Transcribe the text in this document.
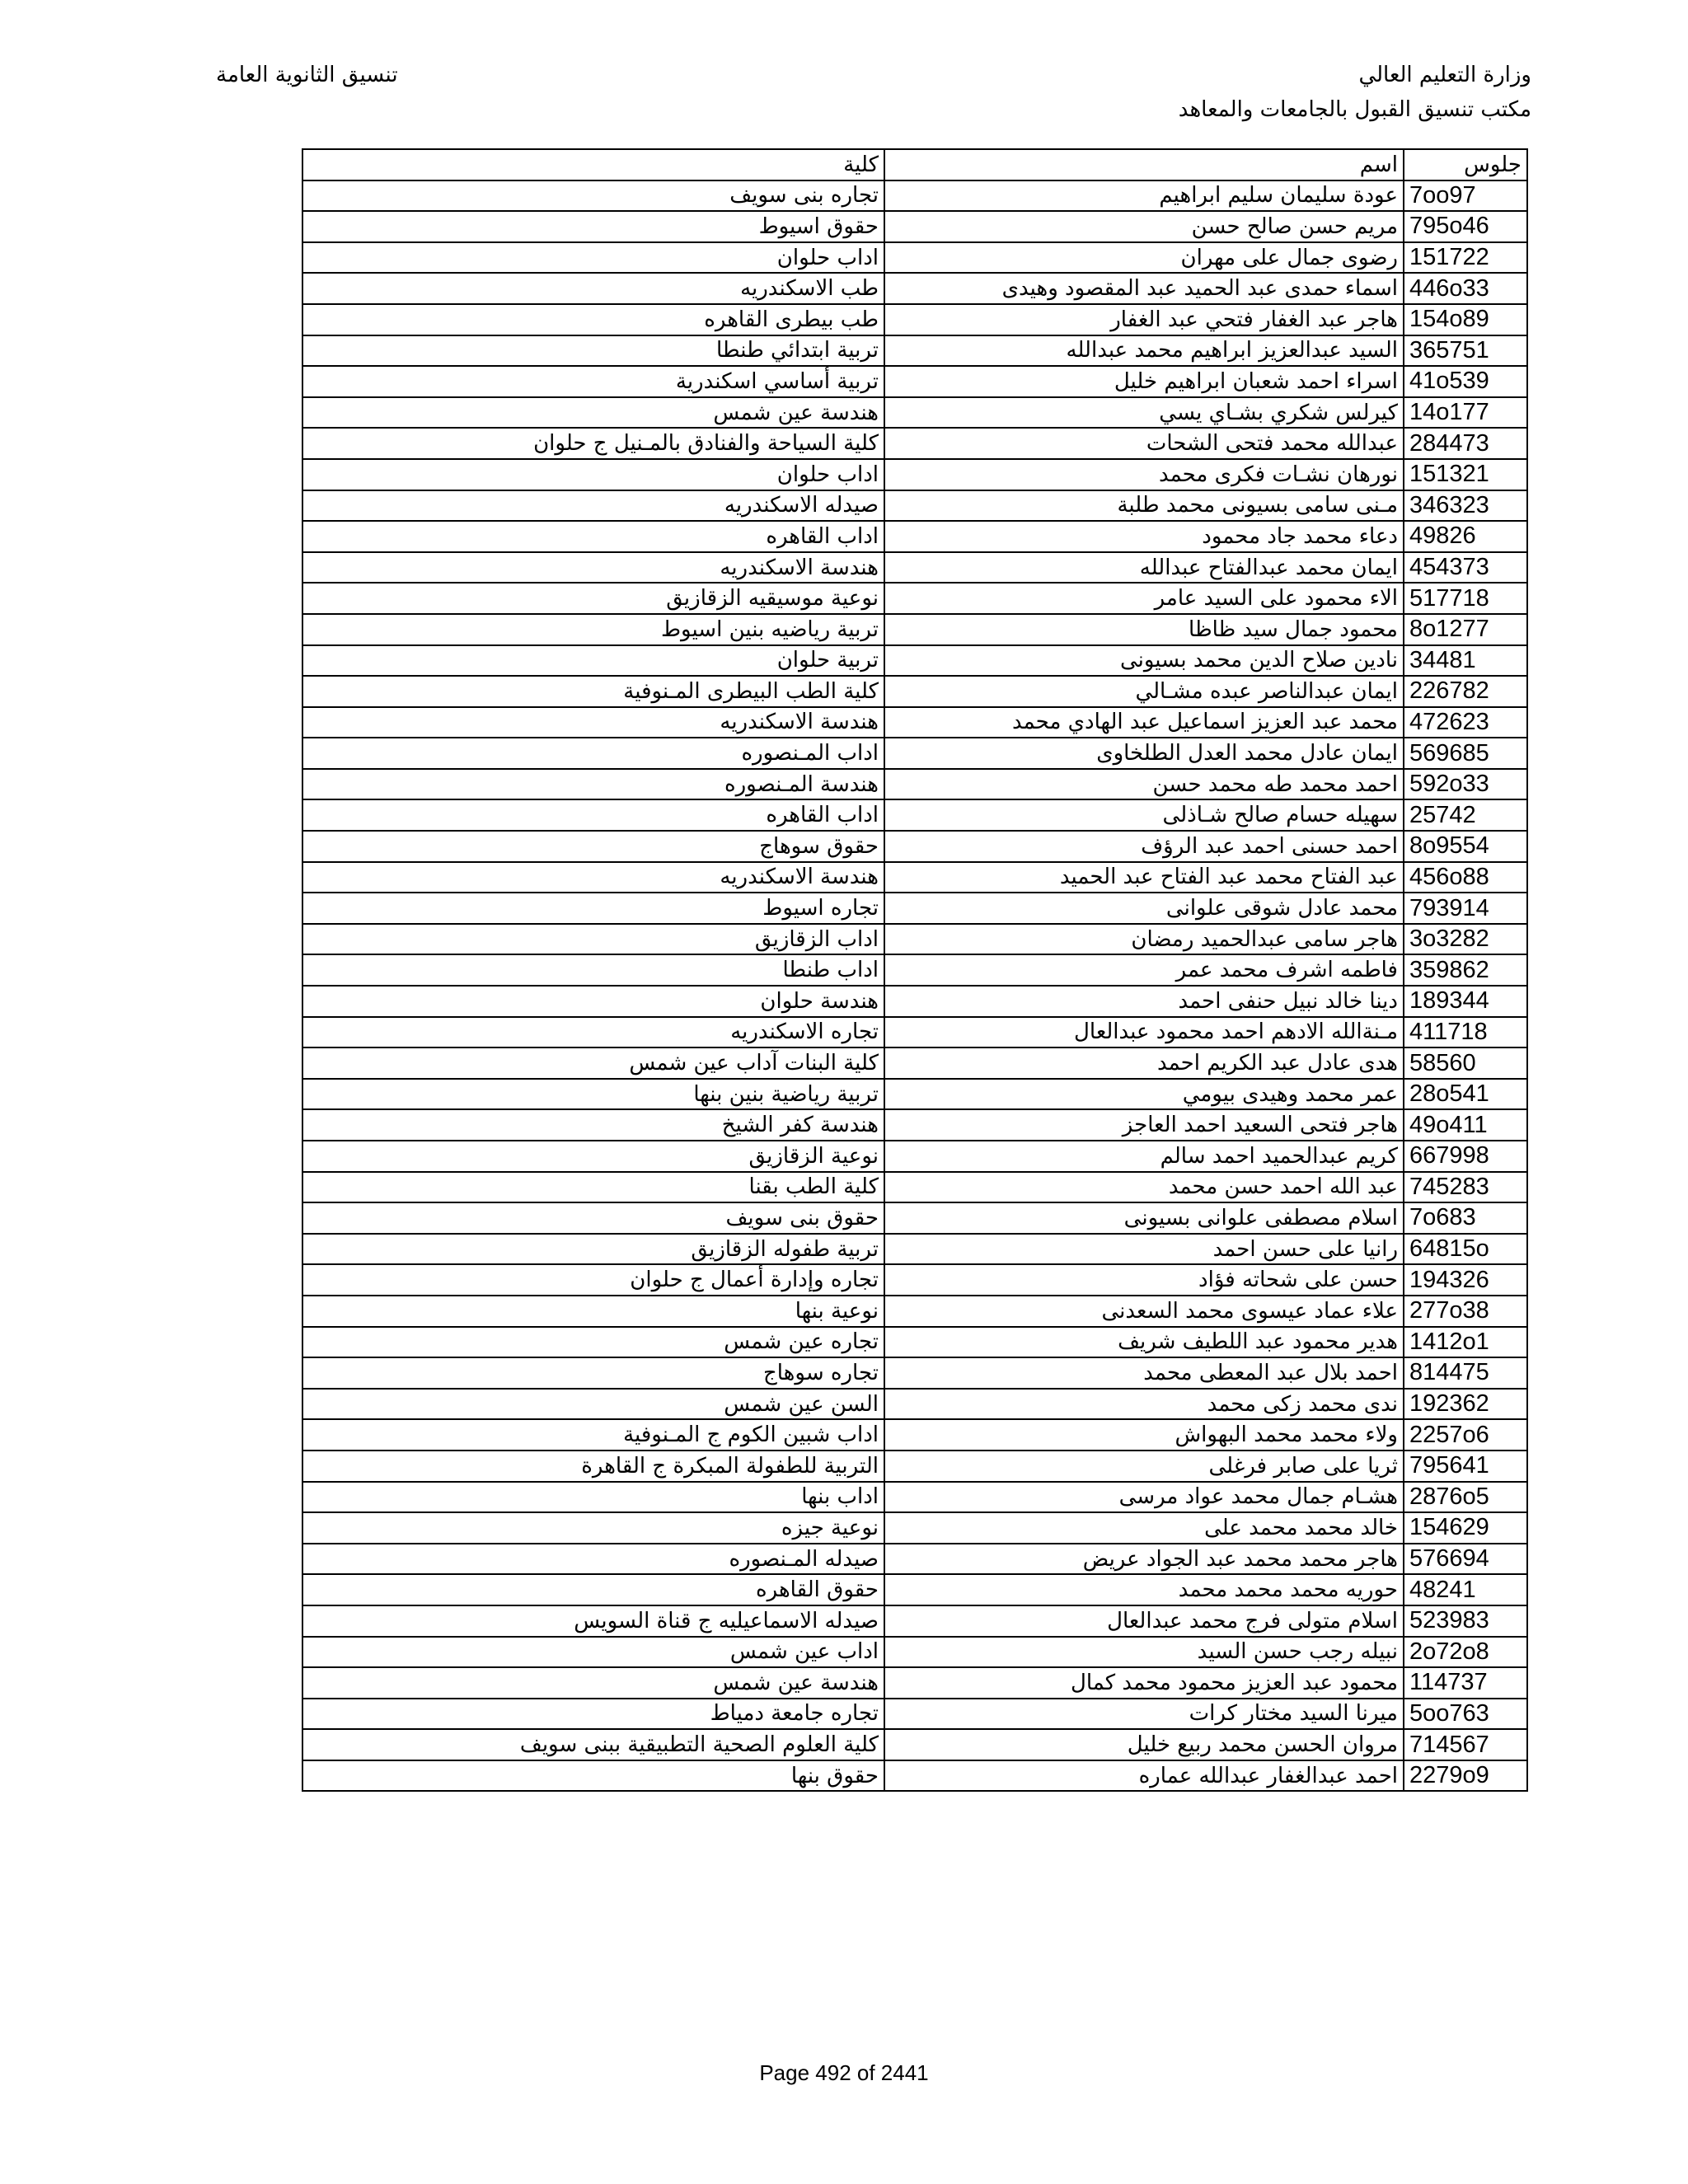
وزارة التعليم العالي
مكتب تنسيق القبول بالجامعات والمعاهد
تنسيق الثانوية العامة
جلوس	اسم	كلية
7oo97	عودة سليمان سليم ابراهيم	تجاره بنى سويف
795o46	مريم حسن صالح حسن	حقوق اسيوط
151722	رضوى جمال على مهران	اداب حلوان
446o33	اسماء حمدى عبد الحميد عبد المقصود وهيدى	طب الاسكندريه
154o89	هاجر عبد الغفار فتحي عبد الغفار	طب بيطرى القاهره
365751	السيد عبدالعزيز ابراهيم محمد عبدالله	تربية ابتدائي طنطا
41o539	اسراء احمد شعبان ابراهيم خليل	تربية أساسي اسكندرية
14o177	كيرلس شكري بشـاي يسي	هندسة عين شمس
284473	عبدالله محمد فتحى الشحات	كلية السياحة والفنادق بالمـنيل ج حلوان
151321	نورهان نشـات فكرى محمد	اداب حلوان
346323	مـنى سامى بسيونى محمد طلبة	صيدله الاسكندريه
49826	دعاء محمد جاد محمود	اداب القاهره
454373	ايمان محمد عبدالفتاح عبدالله	هندسة الاسكندريه
517718	الاء محمود على السيد عامر	نوعية موسيقيه الزقازيق
8o1277	محمود جمال سيد ظاظا	تربية رياضيه بنين اسيوط
34481	نادين صلاح الدين محمد بسيونى	تربية حلوان
226782	ايمان عبدالناصر عبده مشـالي	كلية الطب البيطرى المـنوفية
472623	محمد عبد العزيز اسماعيل عبد الهادي محمد	هندسة الاسكندريه
569685	ايمان عادل محمد العدل الطلخاوى	اداب المـنصوره
592o33	احمد محمد طه محمد حسن	هندسة المـنصوره
25742	سهيله حسام صالح شـاذلى	اداب القاهره
8o9554	احمد حسنى احمد عبد الرؤف	حقوق سوهاج
456o88	عبد الفتاح محمد عبد الفتاح عبد الحميد	هندسة الاسكندريه
793914	محمد عادل شوقى علوانى	تجاره اسيوط
3o3282	هاجر سامى عبدالحميد رمضان	اداب الزقازيق
359862	فاطمه اشرف محمد عمر	اداب طنطا
189344	دينا خالد نبيل حنفى احمد	هندسة حلوان
411718	مـنةالله الادهم احمد محمود عبدالعال	تجاره الاسكندريه
58560	هدى عادل عبد الكريم احمد	كلية البنات آداب عين شمس
28o541	عمر محمد وهيدى بيومي	تربية رياضية بنين بنها
49o411	هاجر فتحى السعيد احمد العاجز	هندسة كفر الشيخ
667998	كريم عبدالحميد احمد سالم	نوعية الزقازيق
745283	عبد الله احمد حسن محمد	كلية الطب بقنا
7o683	اسلام مصطفى علوانى بسيونى	حقوق بنى سويف
64815o	رانيا على حسن احمد	تربية طفوله الزقازيق
194326	حسن على شحاته فؤاد	تجاره وإدارة أعمال ج حلوان
277o38	علاء عماد عيسوى محمد السعدنى	نوعية بنها
1412o1	هدير محمود عبد اللطيف شريف	تجاره عين شمس
814475	احمد بلال عبد المعطى محمد	تجاره سوهاج
192362	ندى محمد زكى محمد	السن عين شمس
2257o6	ولاء محمد محمد البهواش	اداب شبين الكوم ج المـنوفية
795641	ثريا على صابر فرغلى	التربية للطفولة المبكرة ج القاهرة
2876o5	هشـام جمال محمد عواد مرسى	اداب بنها
154629	خالد محمد محمد على	نوعية جيزه
576694	هاجر محمد محمد عبد الجواد عريض	صيدله المـنصوره
48241	حوريه محمد محمد محمد	حقوق القاهره
523983	اسلام متولى فرج محمد عبدالعال	صيدله الاسماعيليه ج قناة السويس
2o72o8	نبيله رجب حسن السيد	اداب عين شمس
114737	محمود عبد العزيز محمود محمد كمال	هندسة عين شمس
5oo763	ميرنا السيد مختار كرات	تجاره جامعة دمياط
714567	مروان الحسن محمد ربيع خليل	كلية العلوم الصحية التطبيقية ببنى سويف
2279o9	احمد عبدالغفار عبدالله عماره	حقوق بنها
Page 492 of 2441
